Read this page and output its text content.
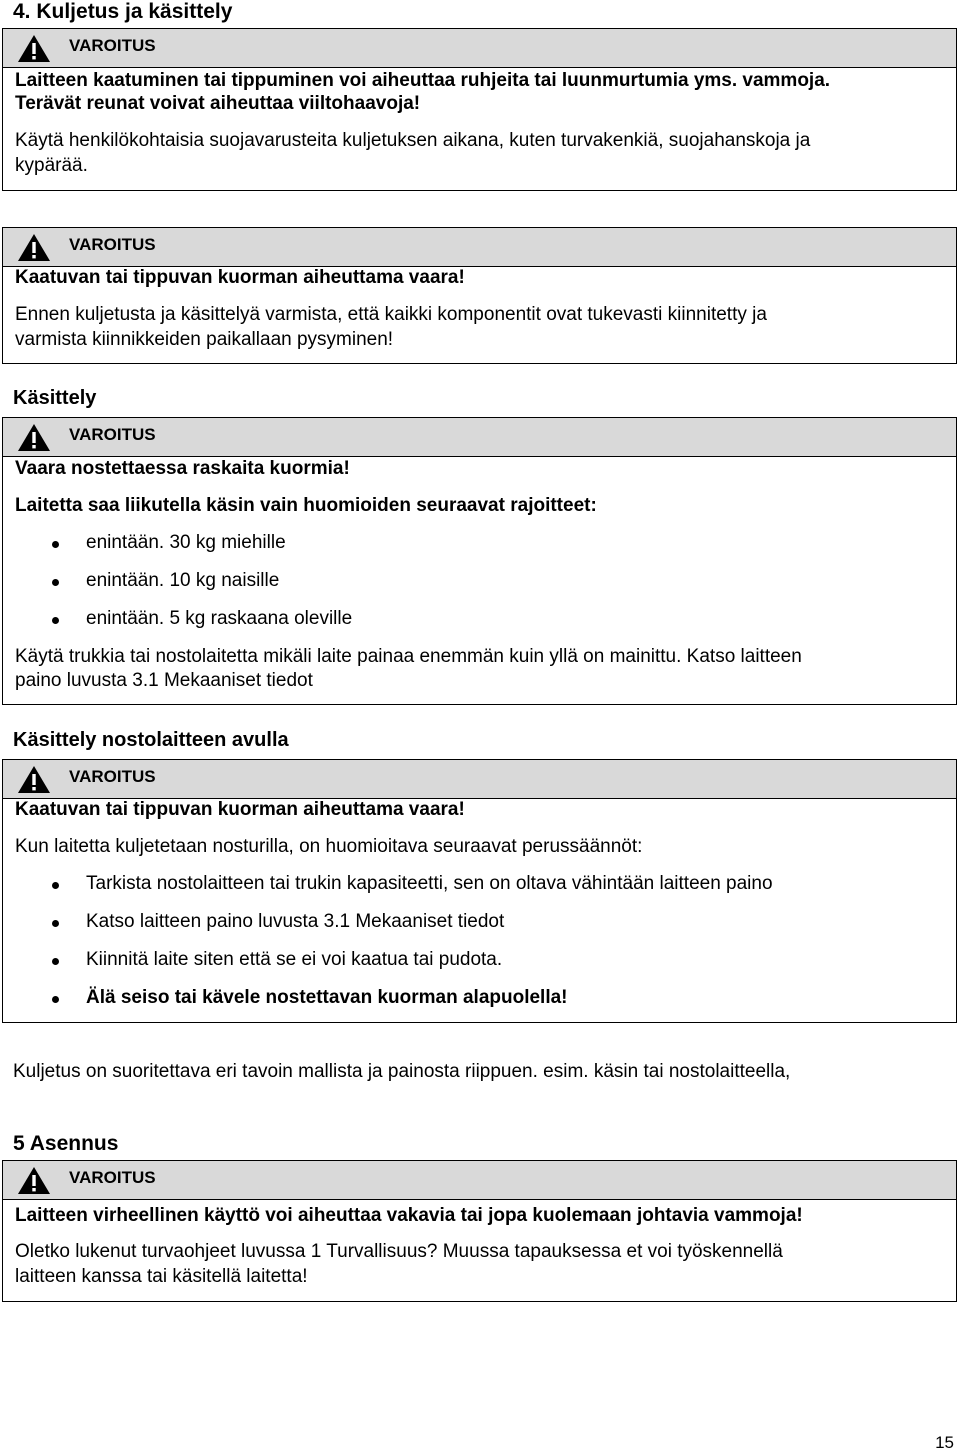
4. Kuljetus ja käsittely
VAROITUS
Laitteen kaatuminen tai tippuminen voi aiheuttaa ruhjeita tai luunmurtumia yms. vammoja.
Terävät reunat voivat aiheuttaa viiltohaavoja!
Käytä henkilökohtaisia suojavarusteita kuljetuksen aikana, kuten turvakenkiä, suojahanskoja ja
kypärää.
VAROITUS
Kaatuvan tai tippuvan kuorman aiheuttama vaara!
Ennen kuljetusta ja käsittelyä varmista, että kaikki komponentit ovat tukevasti kiinnitetty ja
varmista kiinnikkeiden paikallaan pysyminen!
Käsittely
VAROITUS
Vaara nostettaessa raskaita kuormia!
Laitetta saa liikutella käsin vain huomioiden seuraavat rajoitteet:
enintään. 30 kg miehille
enintään. 10 kg naisille
enintään. 5 kg raskaana oleville
Käytä trukkia tai nostolaitetta mikäli laite painaa enemmän kuin yllä on mainittu. Katso laitteen
paino luvusta 3.1 Mekaaniset tiedot
Käsittely nostolaitteen avulla
VAROITUS
Kaatuvan tai tippuvan kuorman aiheuttama vaara!
Kun laitetta kuljetetaan nosturilla, on huomioitava seuraavat perussäännöt:
Tarkista nostolaitteen tai trukin kapasiteetti, sen on oltava vähintään laitteen paino
Katso laitteen paino luvusta 3.1 Mekaaniset tiedot
Kiinnitä laite siten että se ei voi kaatua tai pudota.
Älä seiso tai kävele nostettavan kuorman alapuolella!
Kuljetus on suoritettava eri tavoin mallista ja painosta riippuen. esim. käsin tai nostolaitteella,
5 Asennus
VAROITUS
Laitteen virheellinen käyttö voi aiheuttaa vakavia tai jopa kuolemaan johtavia vammoja!
Oletko lukenut turvaohjeet luvussa 1 Turvallisuus? Muussa tapauksessa et voi työskennellä
laitteen kanssa tai käsitellä laitetta!
15
